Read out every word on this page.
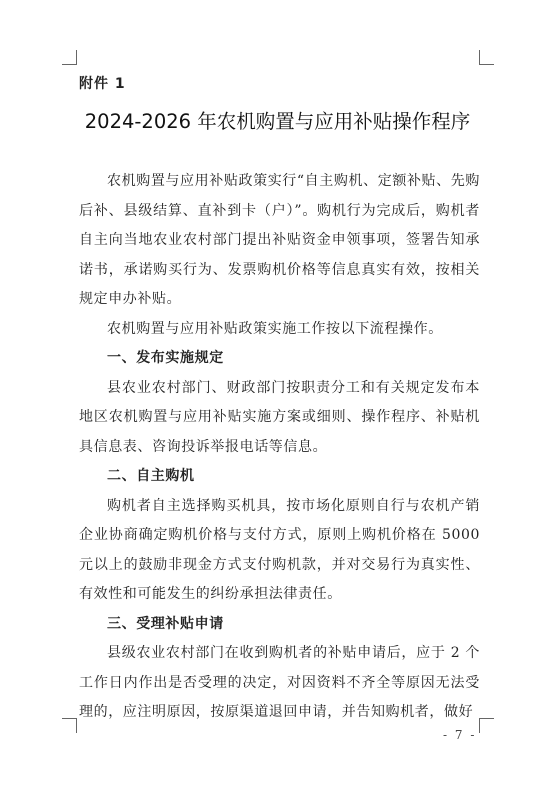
附件 1
2024-2026 年农机购置与应用补贴操作程序

农机购置与应用补贴政策实行“自主购机、定额补贴、先购后补、县级结算、直补到卡（户）”。购机行为完成后，购机者自主向当地农业农村部门提出补贴资金申领事项，签署告知承诺书，承诺购买行为、发票购机价格等信息真实有效，按相关规定申办补贴。

农机购置与应用补贴政策实施工作按以下流程操作。

一、发布实施规定

县农业农村部门、财政部门按职责分工和有关规定发布本地区农机购置与应用补贴实施方案或细则、操作程序、补贴机具信息表、咨询投诉举报电话等信息。

二、自主购机

购机者自主选择购买机具，按市场化原则自行与农机产销企业协商确定购机价格与支付方式，原则上购机价格在 5000 元以上的鼓励非现金方式支付购机款，并对交易行为真实性、有效性和可能发生的纠纷承担法律责任。

三、受理补贴申请

县级农业农村部门在收到购机者的补贴申请后，应于 2 个工作日内作出是否受理的决定，对因资料不齐全等原因无法受理的，应注明原因，按原渠道退回申请，并告知购机者，做好

- 7 -
